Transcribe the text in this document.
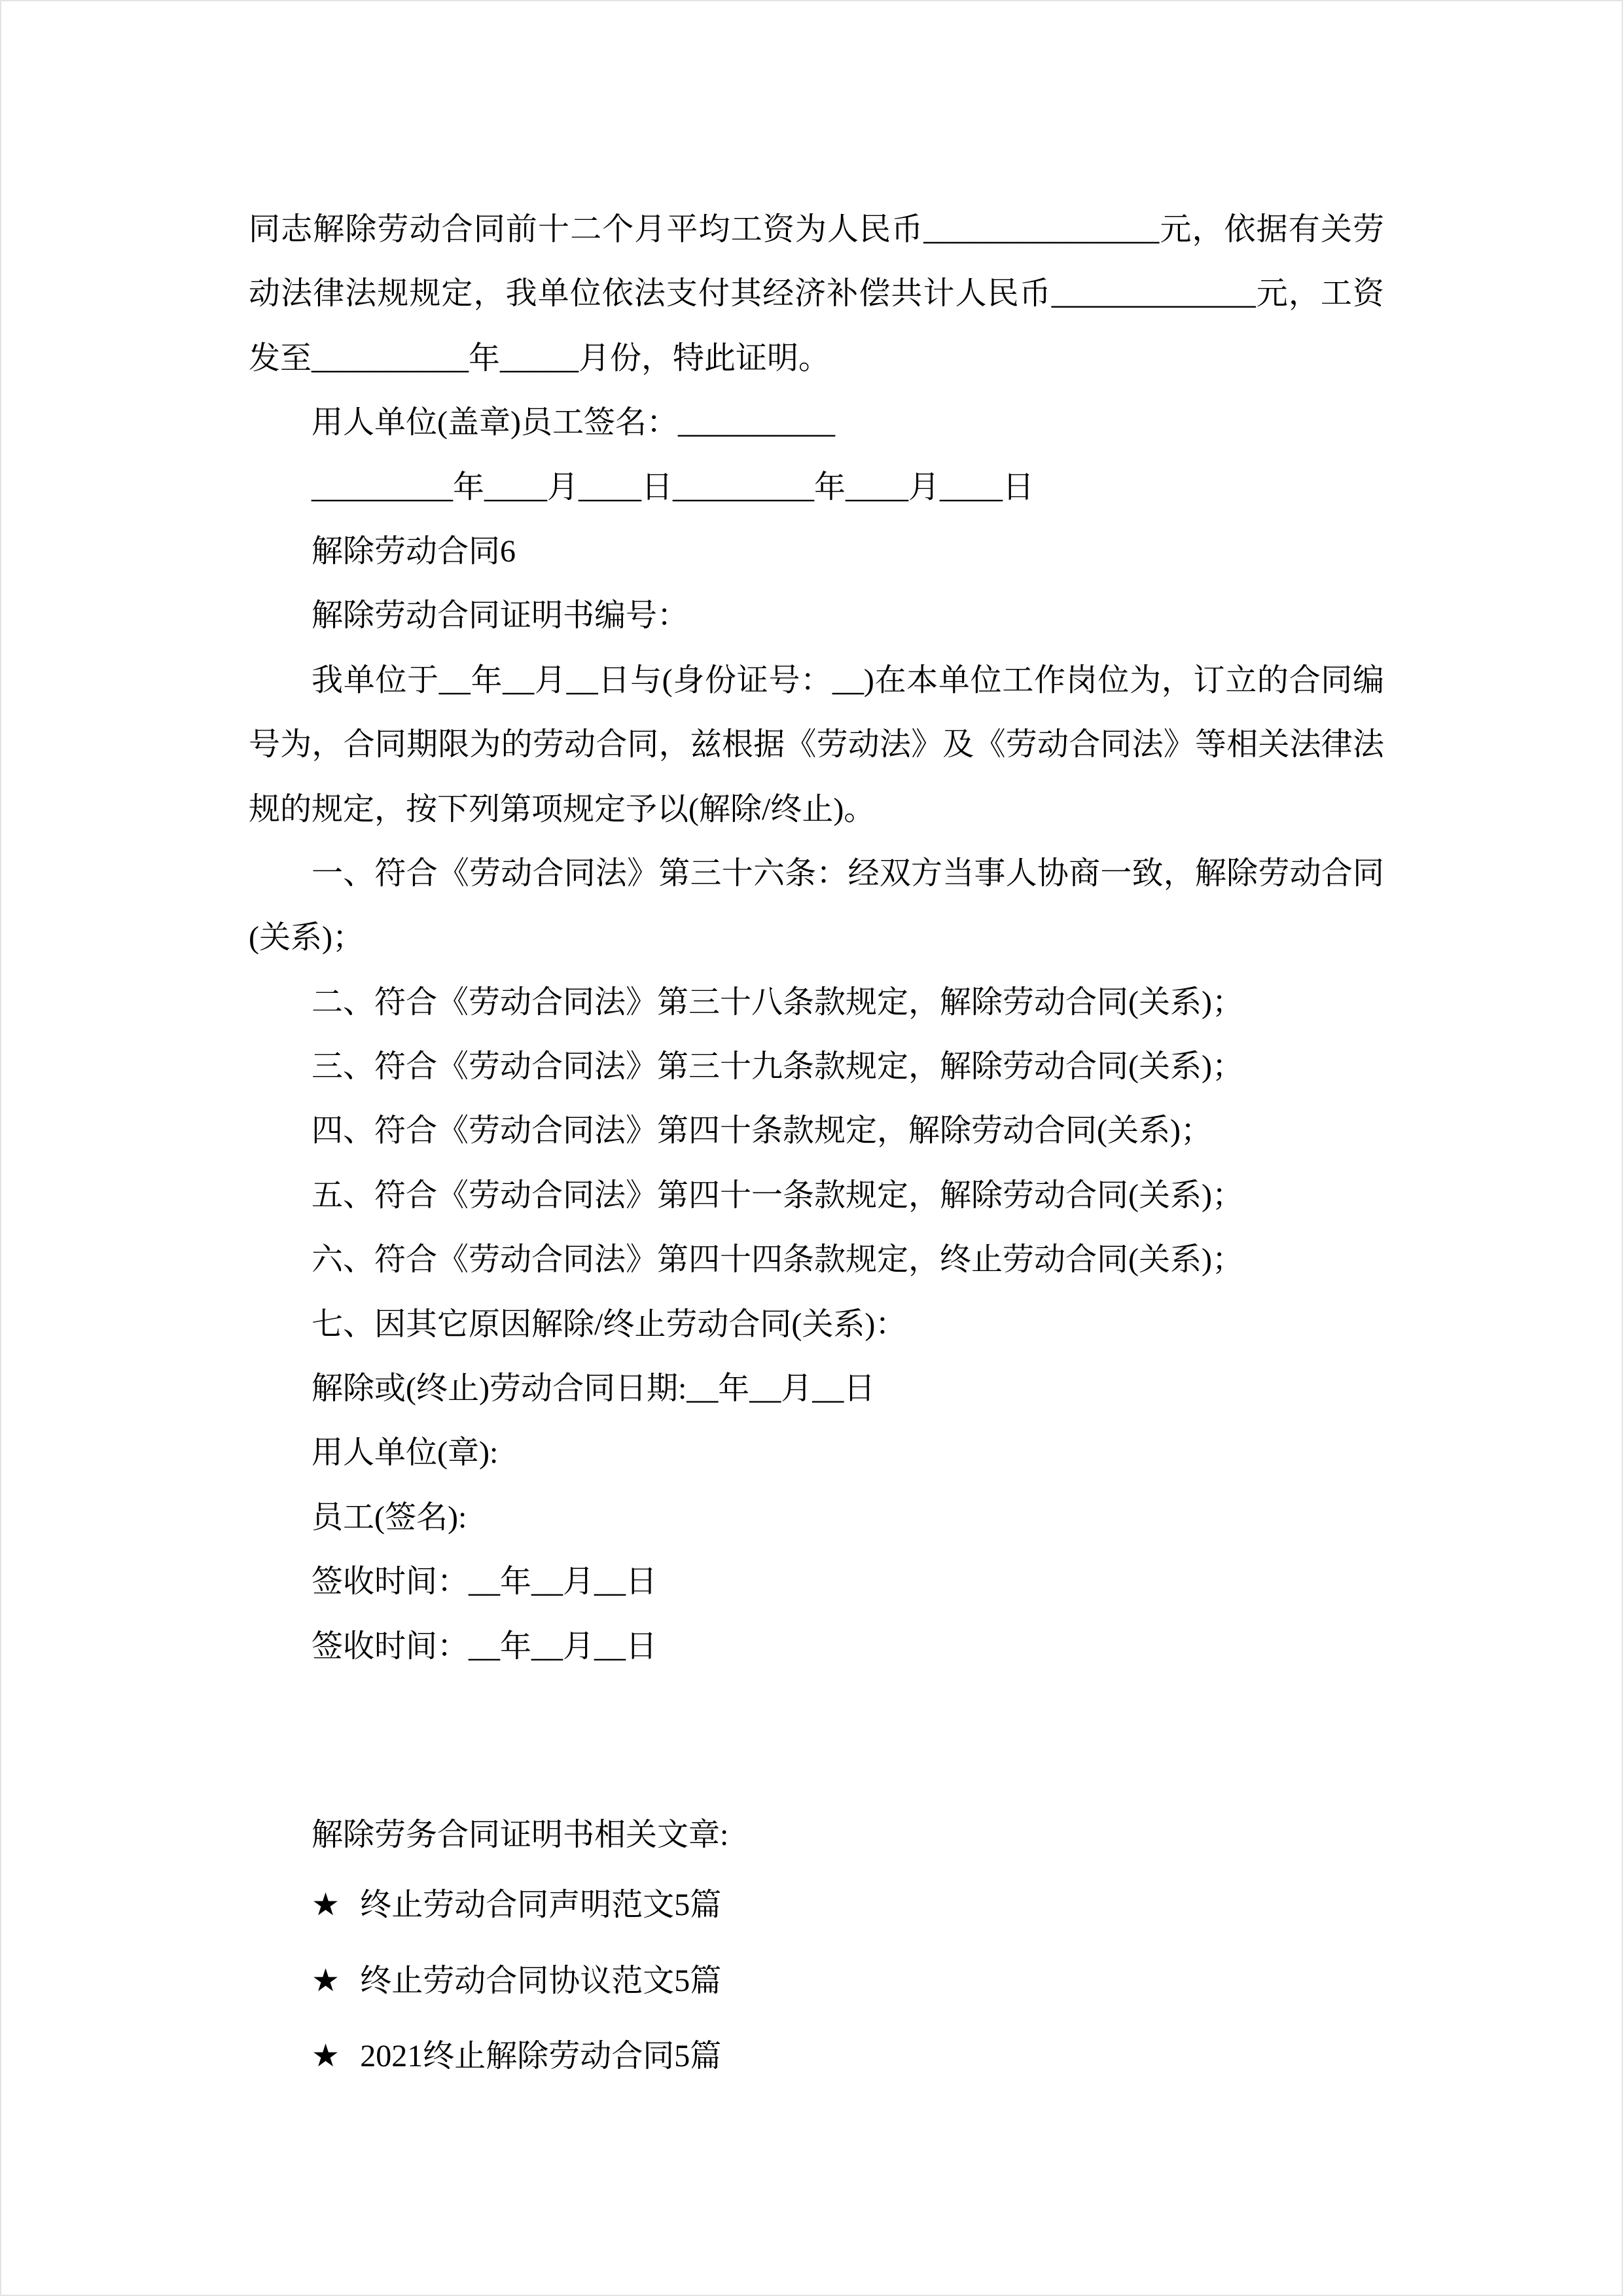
同志解除劳动合同前十二个月平均工资为人民币_______________元，依据有关劳动法律法规规定，我单位依法支付其经济补偿共计人民币_____________元，工资发至__________年_____月份，特此证明。
用人单位(盖章)员工签名：__________
_________年____月____日_________年____月____日
解除劳动合同6
解除劳动合同证明书编号：
我单位于__年__月__日与(身份证号：__)在本单位工作岗位为，订立的合同编号为，合同期限为的劳动合同，兹根据《劳动法》及《劳动合同法》等相关法律法规的规定，按下列第项规定予以(解除/终止)。
一、符合《劳动合同法》第三十六条：经双方当事人协商一致，解除劳动合同(关系)；
二、符合《劳动合同法》第三十八条款规定，解除劳动合同(关系)；
三、符合《劳动合同法》第三十九条款规定，解除劳动合同(关系)；
四、符合《劳动合同法》第四十条款规定，解除劳动合同(关系)；
五、符合《劳动合同法》第四十一条款规定，解除劳动合同(关系)；
六、符合《劳动合同法》第四十四条款规定，终止劳动合同(关系)；
七、因其它原因解除/终止劳动合同(关系)：
解除或(终止)劳动合同日期:__年__月__日
用人单位(章):
员工(签名):
签收时间：__年__月__日
签收时间：__年__月__日
解除劳务合同证明书相关文章:
★ 终止劳动合同声明范文5篇
★ 终止劳动合同协议范文5篇
★ 2021终止解除劳动合同5篇
